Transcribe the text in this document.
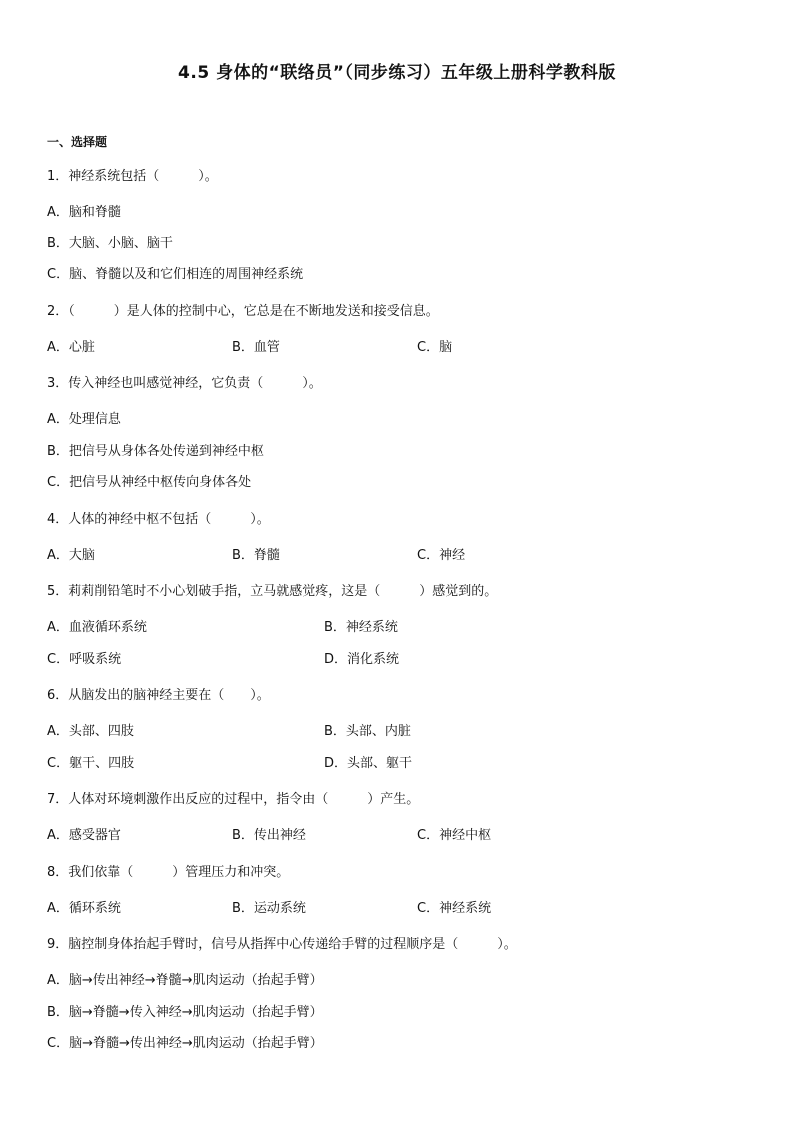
4.5 身体的“联络员”（同步练习）五年级上册科学教科版
一、选择题
1．神经系统包括（　　　）。
A．脑和脊髓
B．大脑、小脑、脑干
C．脑、脊髓以及和它们相连的周围神经系统
2．（　　　）是人体的控制中心，它总是在不断地发送和接受信息。
A．心脏	B．血管	C．脑
3．传入神经也叫感觉神经，它负责（　　　）。
A．处理信息
B．把信号从身体各处传递到神经中枢
C．把信号从神经中枢传向身体各处
4．人体的神经中枢不包括（　　　）。
A．大脑	B．脊髓	C．神经
5．莉莉削铅笔时不小心划破手指，立马就感觉疼，这是（　　　）感觉到的。
A．血液循环系统	B．神经系统
C．呼吸系统	D．消化系统
6．从脑发出的脑神经主要在（　　）。
A．头部、四肢	B．头部、内脏
C．躯干、四肢	D．头部、躯干
7．人体对环境刺激作出反应的过程中，指令由（　　　）产生。
A．感受器官	B．传出神经	C．神经中枢
8．我们依靠（　　　）管理压力和冲突。
A．循环系统	B．运动系统	C．神经系统
9．脑控制身体抬起手臂时，信号从指挥中心传递给手臂的过程顺序是（　　　）。
A．脑→传出神经→脊髓→肌肉运动（抬起手臂）
B．脑→脊髓→传入神经→肌肉运动（抬起手臂）
C．脑→脊髓→传出神经→肌肉运动（抬起手臂）
